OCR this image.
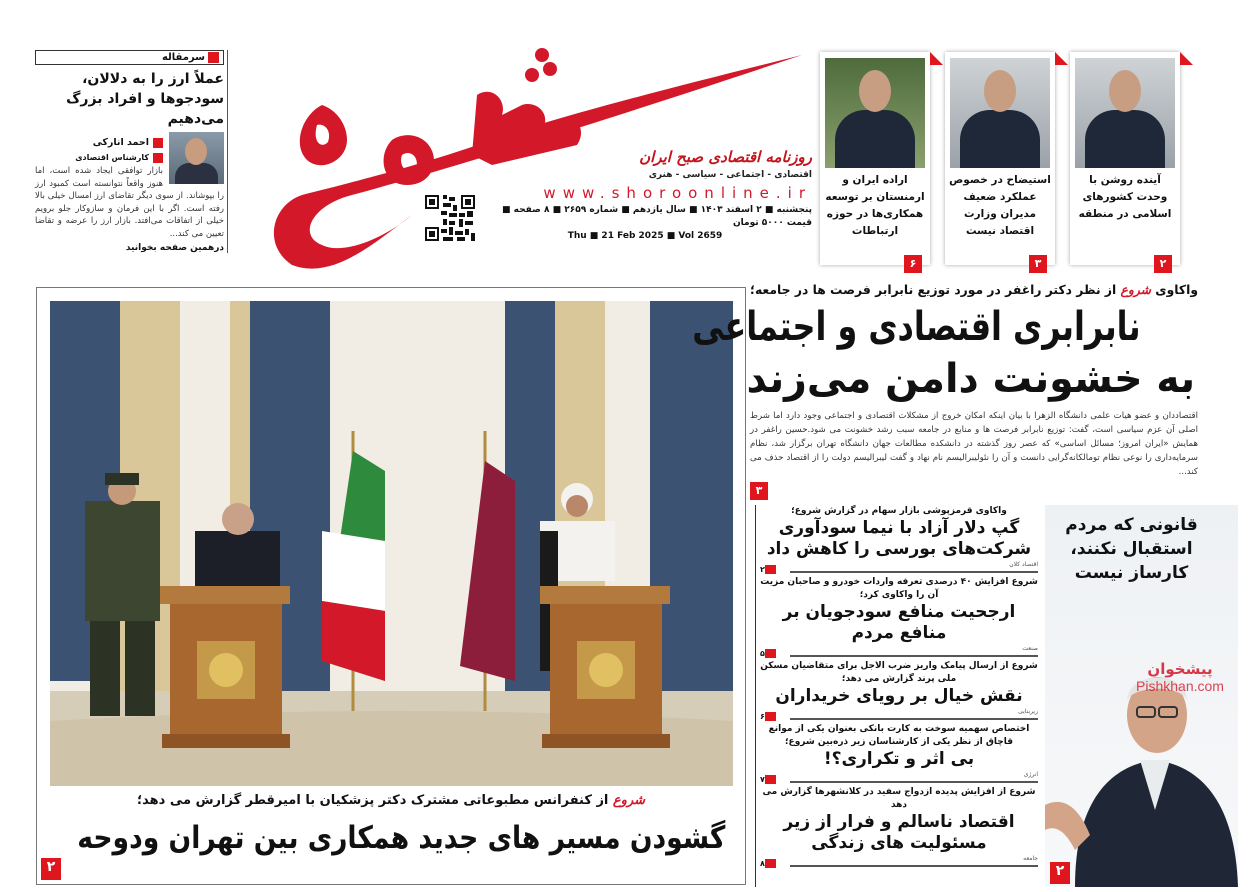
سرمقاله
عملاً ارز را به دلالان، سودجوها و افراد بزرگ می‌دهیم
احمد انارکی
کارشناس اقتصادی
بازار توافقی ایجاد شده است، اما هنوز واقعاً نتوانسته است کمبود ارز را بپوشاند. از سوی دیگر تقاضای ارز امسال خیلی بالا رفته است. اگر با این فرمان و سازوکار جلو برویم خیلی از اتفاقات می‌افتد. بازار ارز را عرضه و تقاضا تعیین می کند...
درهمین صفحه بخوانید
روزنامه اقتصادی صبح ایران
اقتصادی - اجتماعی - سیاسی - هنری
www.shoroonline.ir
پنجشنبه ■ ۲ اسفند ۱۴۰۳ ■ سال یازدهم ■ شماره ۲۶۵۹ ■ ۸ صفحه ■ قیمت ۵۰۰۰ تومان
Thu ■ 21 Feb 2025 ■ Vol 2659
آینده روشن با وحدت کشورهای اسلامی در منطقه
۲
استیضاح در خصوص عملکرد ضعیف مدیران وزارت اقتصاد نیست
۳
اراده ایران و ارمنستان بر توسعه همکاری‌ها در حوزه ارتباطات
۶
شروع از کنفرانس مطبوعاتی مشترک دکتر پزشکیان با امیرقطر گزارش می دهد؛
گشودن مسیر های جدید همکاری بین تهران ودوحه
۲
واکاوی شروع از نظر دکتر راغفر در مورد توزیع نابرابر فرصت ها در جامعه؛
نابرابری اقتصادی و اجتماعی
به خشونت دامن می‌زند
اقتصاددان و عضو هیات علمی دانشگاه الزهرا با بیان اینکه امکان خروج از مشکلات اقتصادی و اجتماعی وجود دارد اما شرط اصلی آن عزم سیاسی است، گفت: توزیع نابرابر فرصت ها و منابع در جامعه سبب رشد خشونت می شود.حسین راغفر در همایش «ایران امروز؛ مسائل اساسی» که عصر روز گذشته در دانشکده مطالعات جهان دانشگاه تهران برگزار شد، نظام سرمایه‌داری را نوعی نظام تومالکانه‌گرایی دانست و آن را نئولیبرالیسم نام نهاد و گفت لیبرالیسم دولت را از اقتصاد حذف می کند...
۳
واکاوی قرمزپوشی بازار سهام در گزارش شروع؛
گپ دلار آزاد با نیما سودآوری شرکت‌های بورسی را کاهش داد
اقتصاد کلان
۲
شروع افزایش ۴۰ درصدی تعرفه واردات خودرو و صاحبان مزیت آن را واکاوی کرد؛
ارجحیت منافع سودجویان بر منافع مردم
صنعت
۵
شروع از ارسال پیامک واریز ضرب الاجل برای متقاضیان مسکن ملی پرند گزارش می دهد؛
نقش خیال بر رویای خریداران
زیربنایی
۶
اختصاص سهمیه سوخت به کارت بانکی بعنوان یکی از موانع قاچاق از نظر یکی از کارشناسان زیر ذره‌بین شروع؛
بی اثر و تکراری؟!
انرژی
۷
شروع از افزایش پدیده ازدواج سفید در کلانشهرها گزارش می دهد
اقتصاد ناسالم و فرار از زیر مسئولیت های زندگی
جامعه
۸
قانونی که مردم استقبال نکنند، کارساز نیست
۲
پیشخوان
Pishkhan.com
